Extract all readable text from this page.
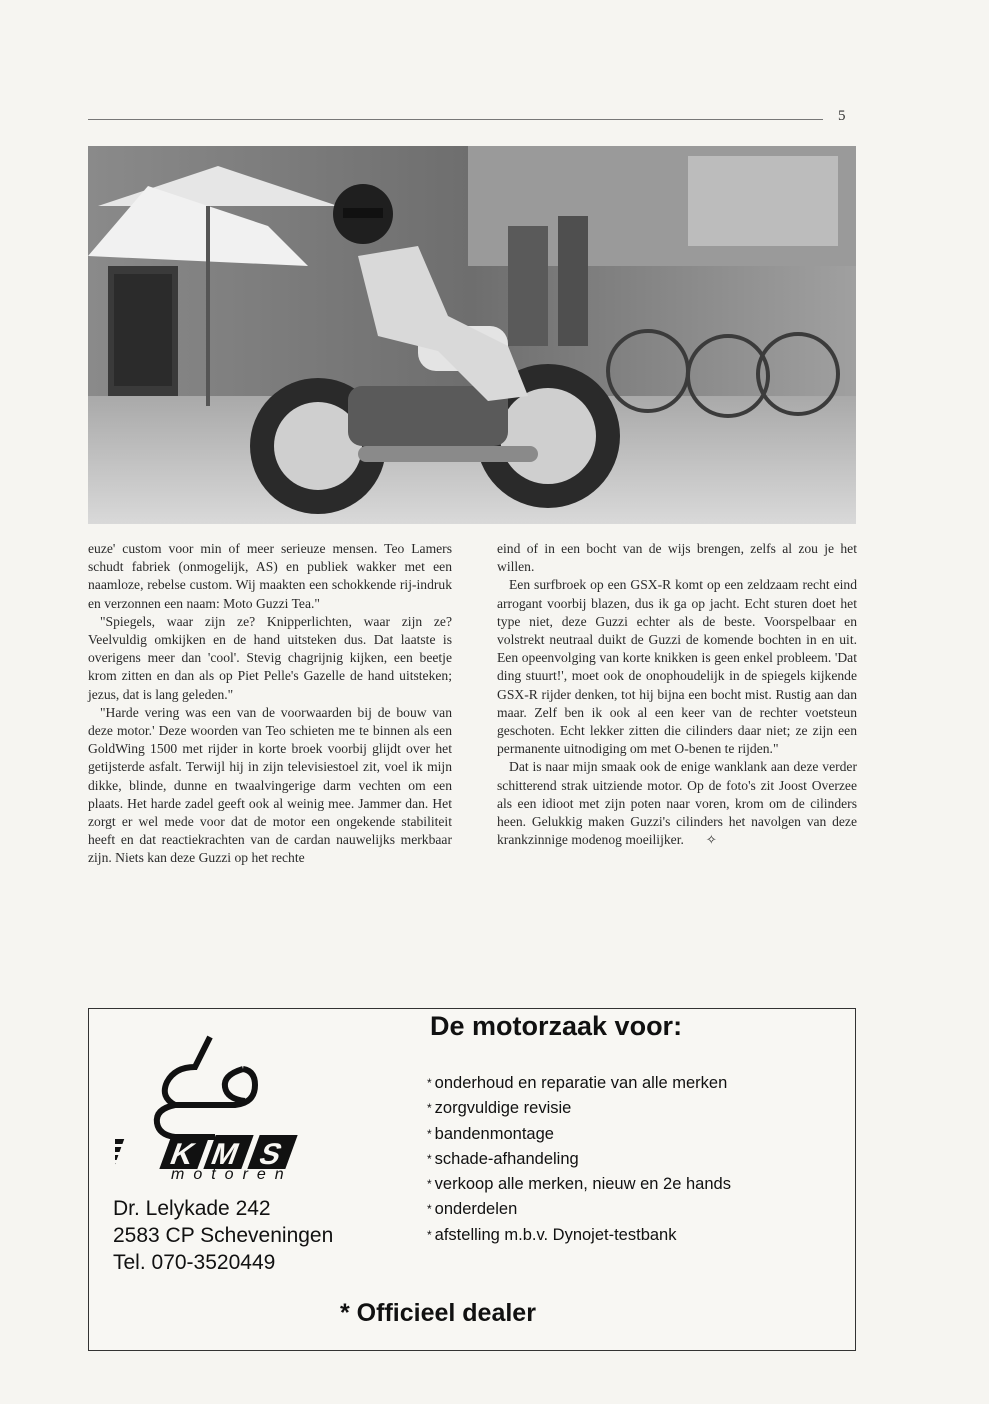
5

euze' custom voor min of meer serieuze mensen. Teo Lamers schudt fabriek (onmogelijk, AS) en publiek wakker met een naamloze, rebelse custom. Wij maakten een schokkende rij-indruk en verzonnen een naam: Moto Guzzi Tea."

"Spiegels, waar zijn ze? Knipperlichten, waar zijn ze? Veelvuldig omkijken en de hand uitsteken dus. Dat laatste is overigens meer dan 'cool'. Stevig chagrijnig kijken, een beetje krom zitten en dan als op Piet Pelle's Gazelle de hand uitsteken; jezus, dat is lang geleden."

"Harde vering was een van de voorwaarden bij de bouw van deze motor.' Deze woorden van Teo schieten me te binnen als een GoldWing 1500 met rijder in korte broek voorbij glijdt over het getijsterde asfalt. Terwijl hij in zijn televisiestoel zit, voel ik mijn dikke, blinde, dunne en twaalvingerige darm vechten om een plaats. Het harde zadel geeft ook al weinig mee. Jammer dan. Het zorgt er wel mede voor dat de motor een ongekende stabiliteit heeft en dat reactiekrachten van de cardan nauwelijks merkbaar zijn. Niets kan deze Guzzi op het rechte

eind of in een bocht van de wijs brengen, zelfs al zou je het willen.

Een surfbroek op een GSX-R komt op een zeldzaam recht eind arrogant voorbij blazen, dus ik ga op jacht. Echt sturen doet het type niet, deze Guzzi echter als de beste. Voorspelbaar en volstrekt neutraal duikt de Guzzi de komende bochten in en uit. Een opeenvolging van korte knikken is geen enkel probleem. 'Dat ding stuurt!', moet ook de onophoudelijk in de spiegels kijkende GSX-R rijder denken, tot hij bijna een bocht mist. Rustig aan dan maar. Zelf ben ik ook al een keer van de rechter voetsteun geschoten. Echt lekker zitten die cilinders daar niet; ze zijn een permanente uitnodiging om met O-benen te rijden."

Dat is naar mijn smaak ook de enige wanklank aan deze verder schitterend strak uitziende motor. Op de foto's zit Joost Overzee als een idioot met zijn poten naar voren, krom om de cilinders heen. Gelukkig maken Guzzi's cilinders het navolgen van deze krankzinnige modenog moeilijker. ✧

K M S
motoren
Dr. Lelykade 242
2583 CP Scheveningen
Tel. 070-3520449
De motorzaak voor:
* onderhoud en reparatie van alle merken
* zorgvuldige revisie
* bandenmontage
* schade-afhandeling
* verkoop alle merken, nieuw en 2e hands
* onderdelen
* afstelling m.b.v. Dynojet-testbank
* Officieel dealer
